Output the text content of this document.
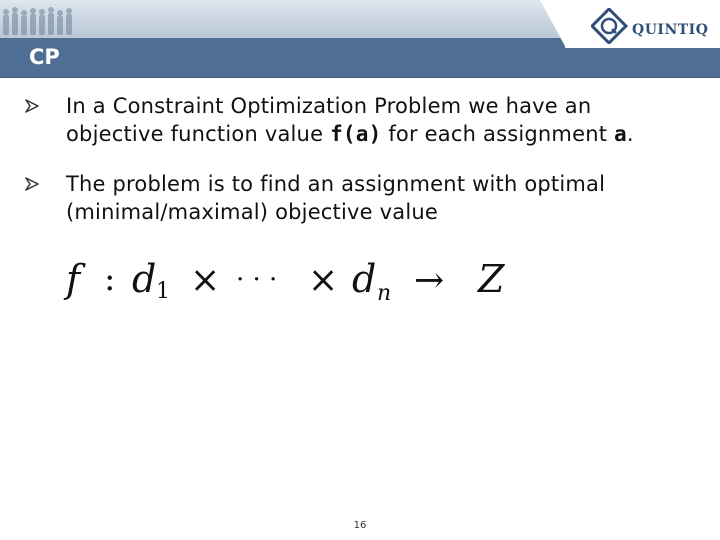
CP
QUINTIQ
In a Constraint Optimization Problem we have an objective function value f(a) for each assignment a.
The problem is to find an assignment with optimal (minimal/maximal) objective value
f : d 1 × · · · × d n → Z
16
